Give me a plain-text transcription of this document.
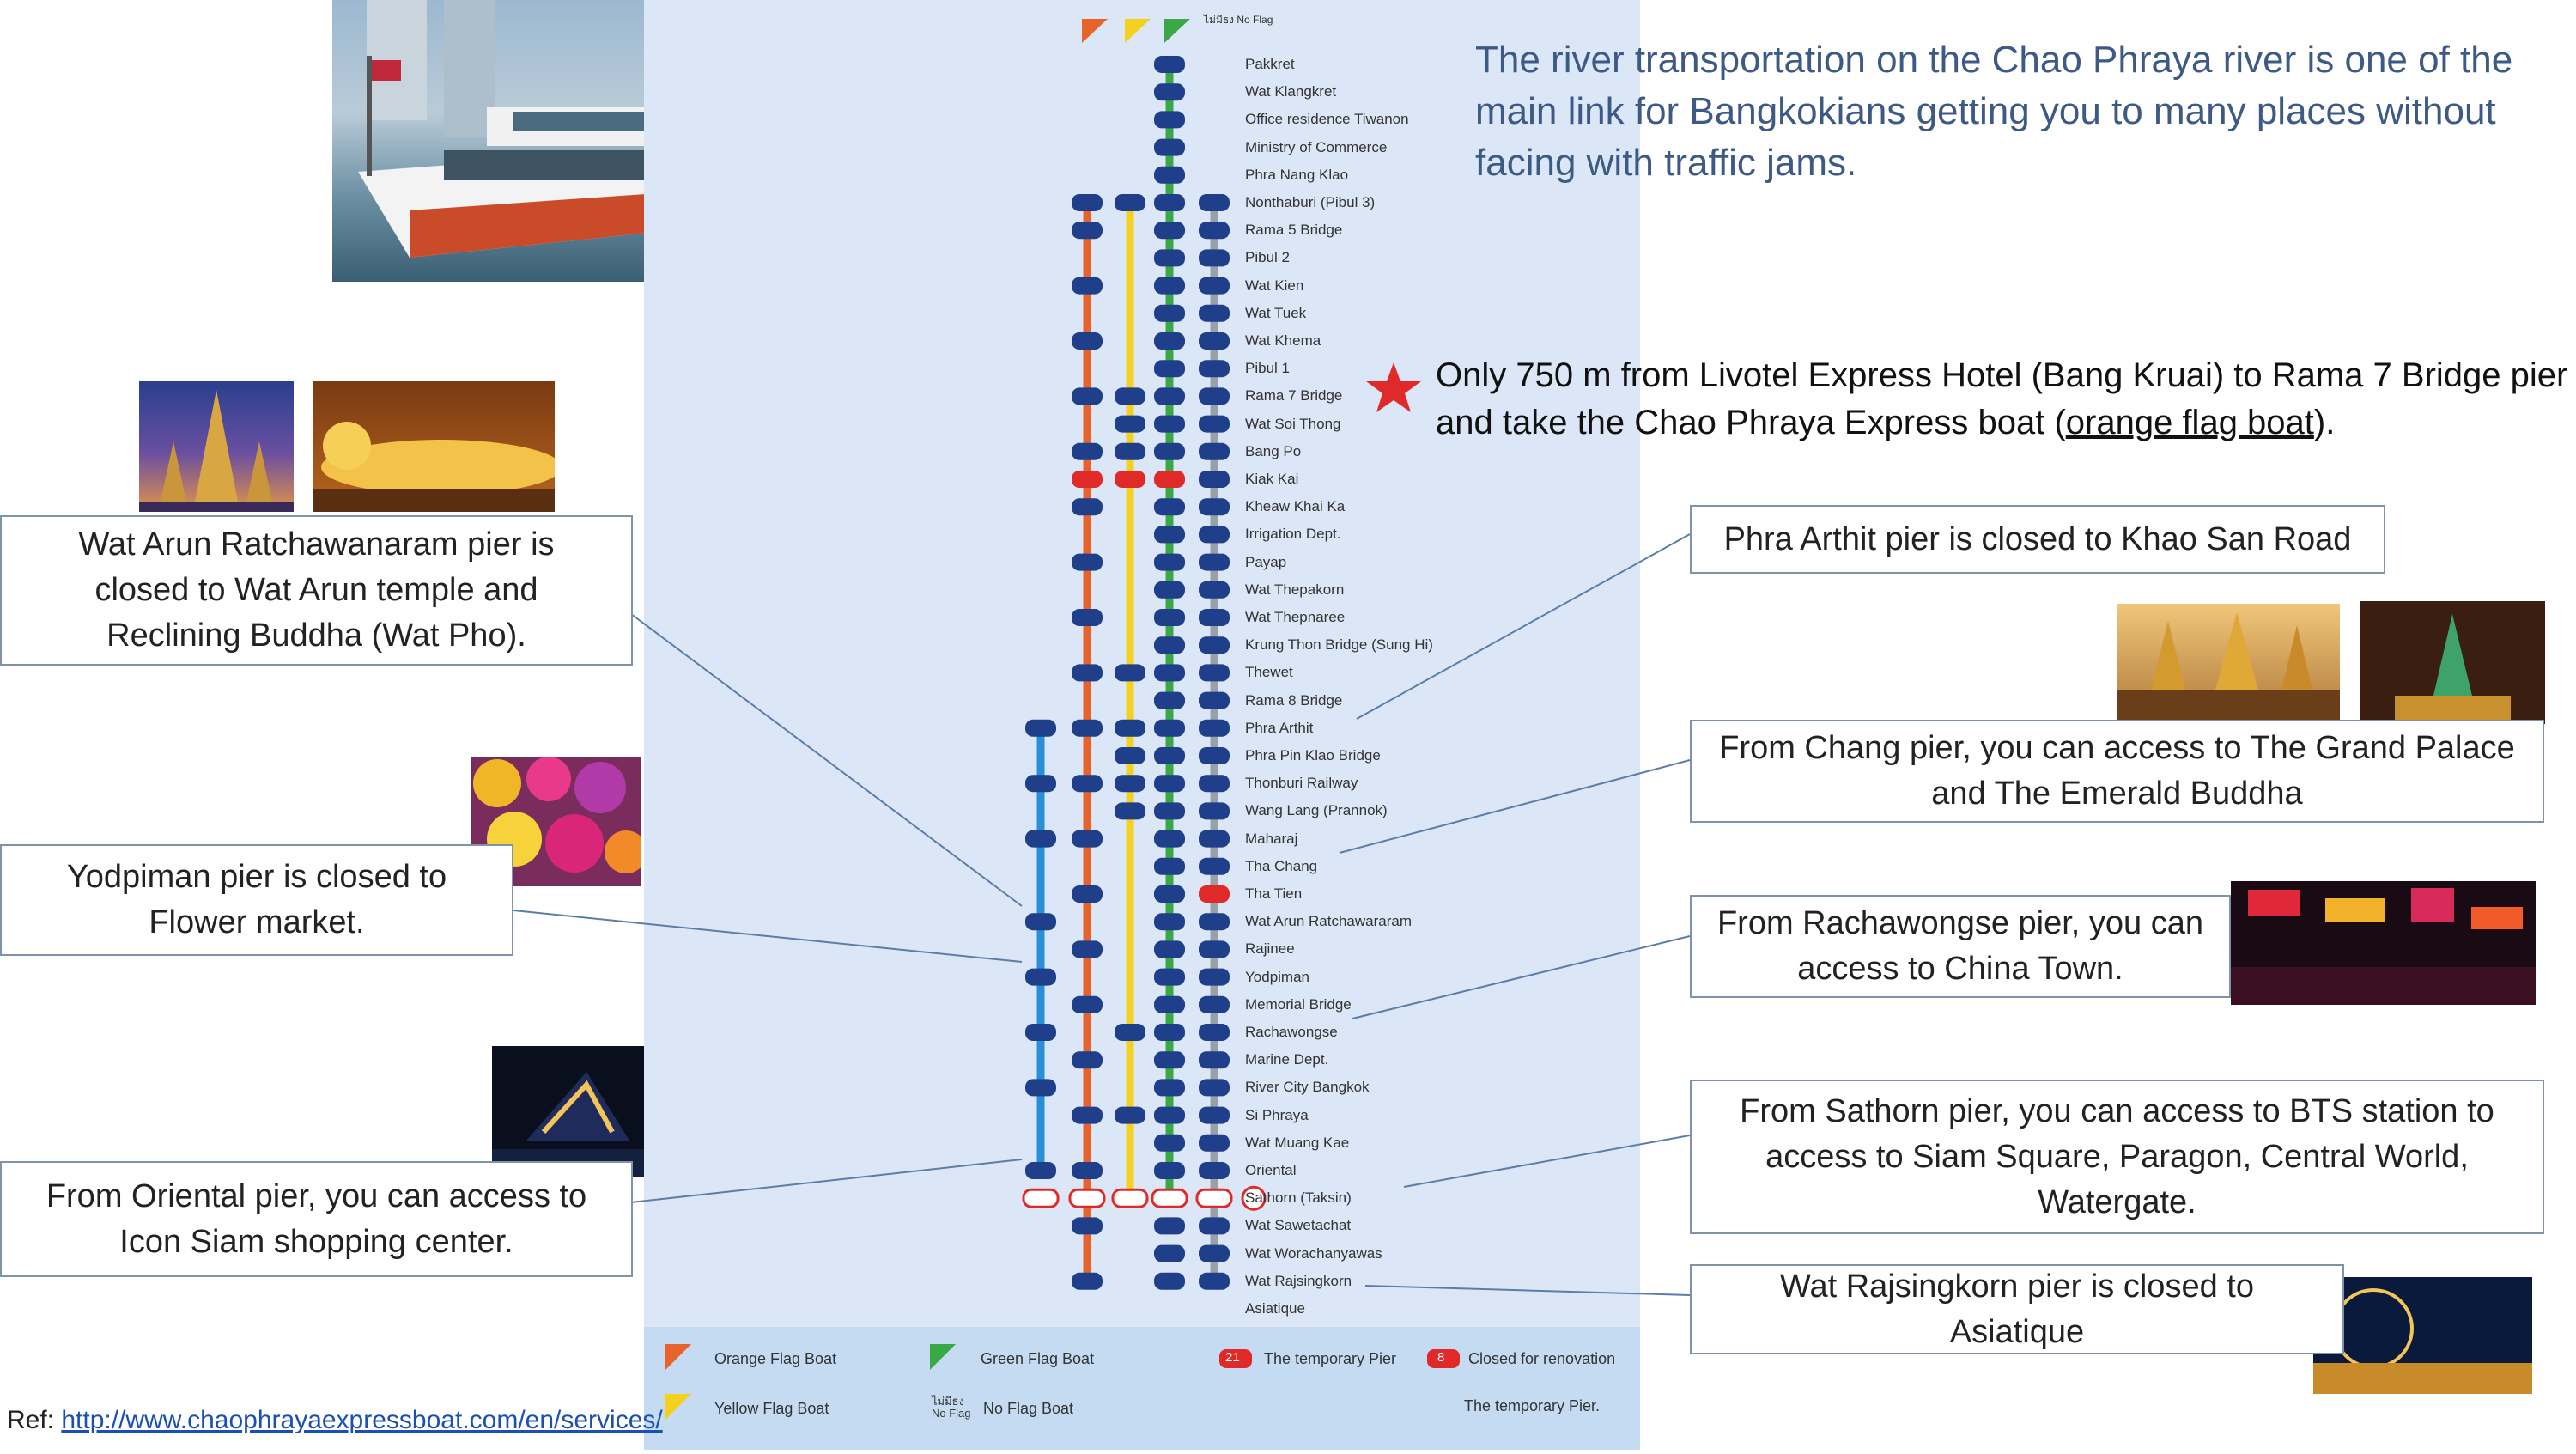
Pakkret
Wat Klangkret
Office residence Tiwanon
Ministry of Commerce
Phra Nang Klao
Nonthaburi (Pibul 3)
Rama 5 Bridge
Pibul 2
Wat Kien
Wat Tuek
Wat Khema
Pibul 1
Rama 7 Bridge
Wat Soi Thong
Bang Po
Kiak Kai
Kheaw Khai Ka
Irrigation Dept.
Payap
Wat Thepakorn
Wat Thepnaree
Krung Thon Bridge (Sung Hi)
Thewet
Rama 8 Bridge
Phra Arthit
Phra Pin Klao Bridge
Thonburi Railway
Wang Lang (Prannok)
Maharaj
Tha Chang
Tha Tien
Wat Arun Ratchawararam
Rajinee
Yodpiman
Memorial Bridge
Rachawongse
Marine Dept.
River City Bangkok
Si Phraya
Wat Muang Kae
Oriental
Sathorn (Taksin)
Wat Sawetachat
Wat Worachanyawas
Wat Rajsingkorn
Asiatique
ไม่มีธง No Flag
Orange Flag Boat	Green Flag Boat
Yellow Flag Boat	ไม่มีธง
No Flag No Flag Boat
21 The temporary Pier	8 Closed for renovation
The temporary Pier.
The river transportation on the Chao Phraya river is one of the main link for Bangkokians getting you to many places without facing with traffic jams.
Only 750 m from Livotel Express Hotel (Bang Kruai) to Rama 7 Bridge pier and take the Chao Phraya Express boat (orange flag boat).
Wat Arun Ratchawanaram pier is
closed to Wat Arun temple and
Reclining Buddha (Wat Pho).
Yodpiman pier is closed to
Flower market.
From Oriental pier, you can access to
Icon Siam shopping center.
Phra Arthit pier is closed to Khao San Road
From Chang pier, you can access to The Grand Palace
and The Emerald Buddha
From Rachawongse pier, you can
access to China Town.
From Sathorn pier, you can access to BTS station to
access to Siam Square, Paragon, Central World,
Watergate.
Wat Rajsingkorn pier is closed to
Asiatique
Ref: http://www.chaophrayaexpressboat.com/en/services/
